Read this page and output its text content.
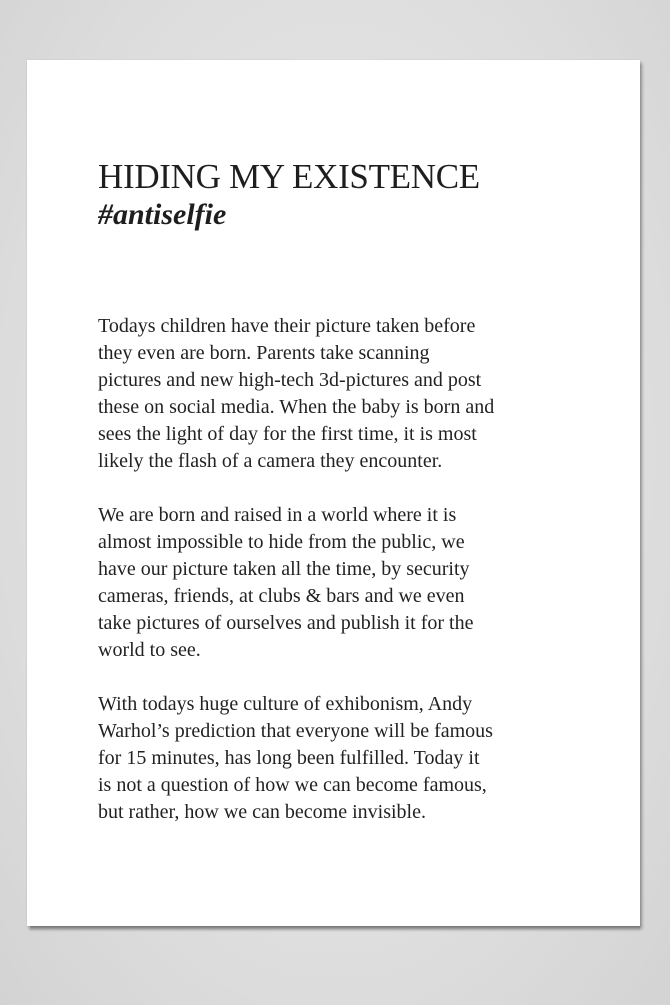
HIDING MY EXISTENCE
#antiselfie

Todays children have their picture taken before
they even are born. Parents take scanning
pictures and new high-tech 3d-pictures and post
these on social media. When the baby is born and
sees the light of day for the first time, it is most
likely the flash of a camera they encounter.

We are born and raised in a world where it is
almost impossible to hide from the public, we
have our picture taken all the time, by security
cameras, friends, at clubs & bars and we even
take pictures of ourselves and publish it for the
world to see.

With todays huge culture of exhibonism, Andy
Warhol’s prediction that everyone will be famous
for 15 minutes, has long been fulfilled. Today it
is not a question of how we can become famous,
but rather, how we can become invisible.
